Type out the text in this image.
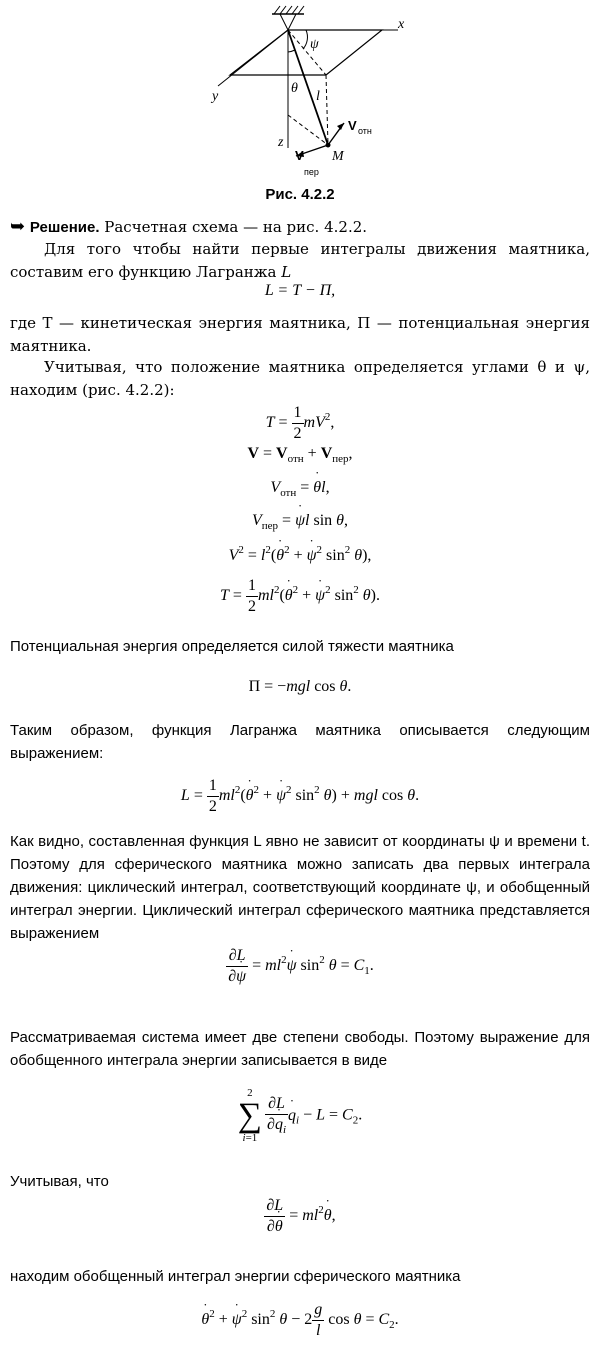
x
y
z
ψ
θ
l
M
V отн
V
пер
Рис. 4.2.2
➥ Решение. Расчетная схема — на рис. 4.2.2.
Для того чтобы найти первые интегралы движения маятника, составим его функцию Лагранжа L
L = T − Π,
где T — кинетическая энергия маятника, Π — потенциальная энергия маятника.
Учитывая, что положение маятника определяется углами θ и ψ, находим (рис. 4.2.2):
$T = \frac{1}{2} mV^2$,
$V = V_{отн} + V_{пер}$,
$V_{отн}$ = ˙ θl,
$V_{пер}$ = ˙ ψl sin θ,
$V^2$ = $l^2(˙$ $\theta^2$ + ˙ $\psi^2$ $\sin^2 \theta$),
$T = \frac{1}{2}$ $ml^2(˙$ $\theta^2$ + ˙ $\psi^2$ $\sin^2 \theta$).
Потенциальная энергия определяется силой тяжести маятника
Π = −mgl cos θ.
Таким образом, функция Лагранжа маятника описывается следующим выражением:
$L = \frac{1}{2}$ $ml^2(˙$ $\theta^2$ + ˙ $\psi^2$ $\sin^2 \theta$) + mgl cos θ.
Как видно, составленная функция L явно не зависит от координаты ψ и времени t. Поэтому для сферического маятника можно записать два первых интеграла движения: циклический интеграл, соответствующий координате ψ, и обобщенный интеграл энергии. Циклический интеграл сферического маятника представляется выражением
$\frac{\partial L}{\partial˙ \psi}$ = $ml^2˙$ ψ $\sin^2 \theta = C_1$.
Рассматриваемая система имеет две степени свободы. Поэтому выражение для обобщенного интеграла энергии записывается в виде
2
∑
i=1
$\frac{\partial L}{\partial˙ q_i}$
˙ $q_i - L = C_2$.
Учитывая, что
$\frac{\partial L}{\partial˙ \theta}$ = $ml^2˙$ θ,
находим обобщенный интеграл энергии сферического маятника
˙ $\theta^2$ + ˙ $\psi^2$ $\sin^2 \theta - 2 \frac{g}{l}$ $\cos \theta = C_2$.
